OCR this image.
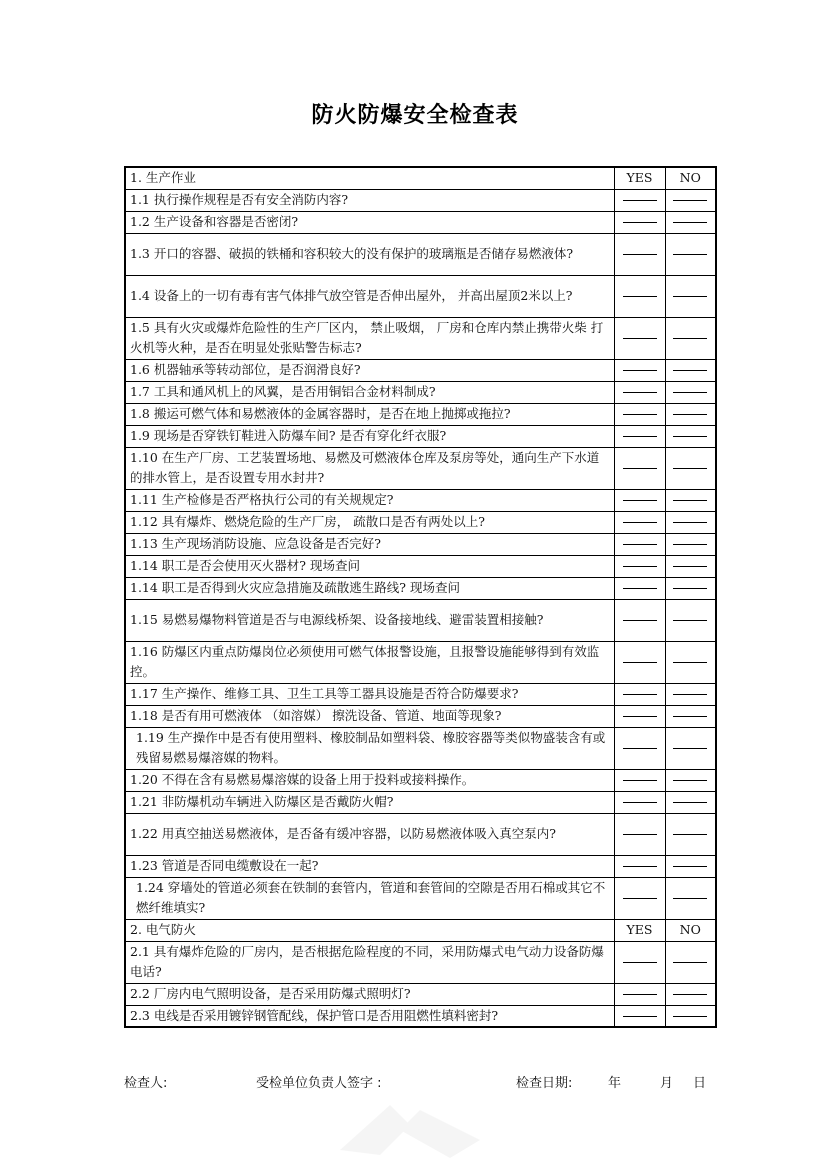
防火防爆安全检查表
1. 生产作业	YES	NO
1.1 执行操作规程是否有安全消防内容?		
1.2 生产设备和容器是否密闭?		
1.3 开口的容器、破损的铁桶和容积较大的没有保护的玻璃瓶是否储存易燃液体?		
1.4 设备上的一切有毒有害气体排气放空管是否伸出屋外， 并高出屋顶2米以上?		
1.5 具有火灾或爆炸危险性的生产厂区内， 禁止吸烟， 厂房和仓库内禁止携带火柴 打火机等火种，是否在明显处张贴警告标志?		
1.6 机器轴承等转动部位，是否润滑良好?		
1.7 工具和通风机上的风翼，是否用铜铝合金材料制成?		
1.8 搬运可燃气体和易燃液体的金属容器时，是否在地上抛掷或拖拉?		
1.9 现场是否穿铁钉鞋进入防爆车间? 是否有穿化纤衣服?		
1.10 在生产厂房、工艺装置场地、易燃及可燃液体仓库及泵房等处，通向生产下水道的排水管上，是否设置专用水封井?		
1.11 生产检修是否严格执行公司的有关规规定?		
1.12 具有爆炸、燃烧危险的生产厂房， 疏散口是否有两处以上?		
1.13 生产现场消防设施、应急设备是否完好?		
1.14 职工是否会使用灭火器材? 现场查问		
1.14 职工是否得到火灾应急措施及疏散逃生路线? 现场查问		
1.15 易燃易爆物料管道是否与电源线桥架、设备接地线、避雷装置相接触?		
1.16 防爆区内重点防爆岗位必须使用可燃气体报警设施，且报警设施能够得到有效监控。		
1.17 生产操作、维修工具、卫生工具等工器具设施是否符合防爆要求?		
1.18 是否有用可燃液体 （如溶媒） 擦洗设备、管道、地面等现象?		
1.19 生产操作中是否有使用塑料、橡胶制品如塑料袋、橡胶容器等类似物盛装含有或残留易燃易爆溶媒的物料。		
1.20 不得在含有易燃易爆溶媒的设备上用于投料或接料操作。		
1.21 非防爆机动车辆进入防爆区是否戴防火帽?		
1.22 用真空抽送易燃液体，是否备有缓冲容器，以防易燃液体吸入真空泵内?		
1.23 管道是否同电缆敷设在一起?		
1.24 穿墙处的管道必须套在铁制的套管内，管道和套管间的空隙是否用石棉或其它不燃纤维填实?		
2. 电气防火	YES	NO
2.1 具有爆炸危险的厂房内，是否根据危险程度的不同，采用防爆式电气动力设备防爆电话?		
2.2 厂房内电气照明设备，是否采用防爆式照明灯?		
2.3 电线是否采用镀锌钢管配线，保护管口是否用阻燃性填料密封?		
检查人:	受检单位负责人签字 :	检查日期:	年	月 日
